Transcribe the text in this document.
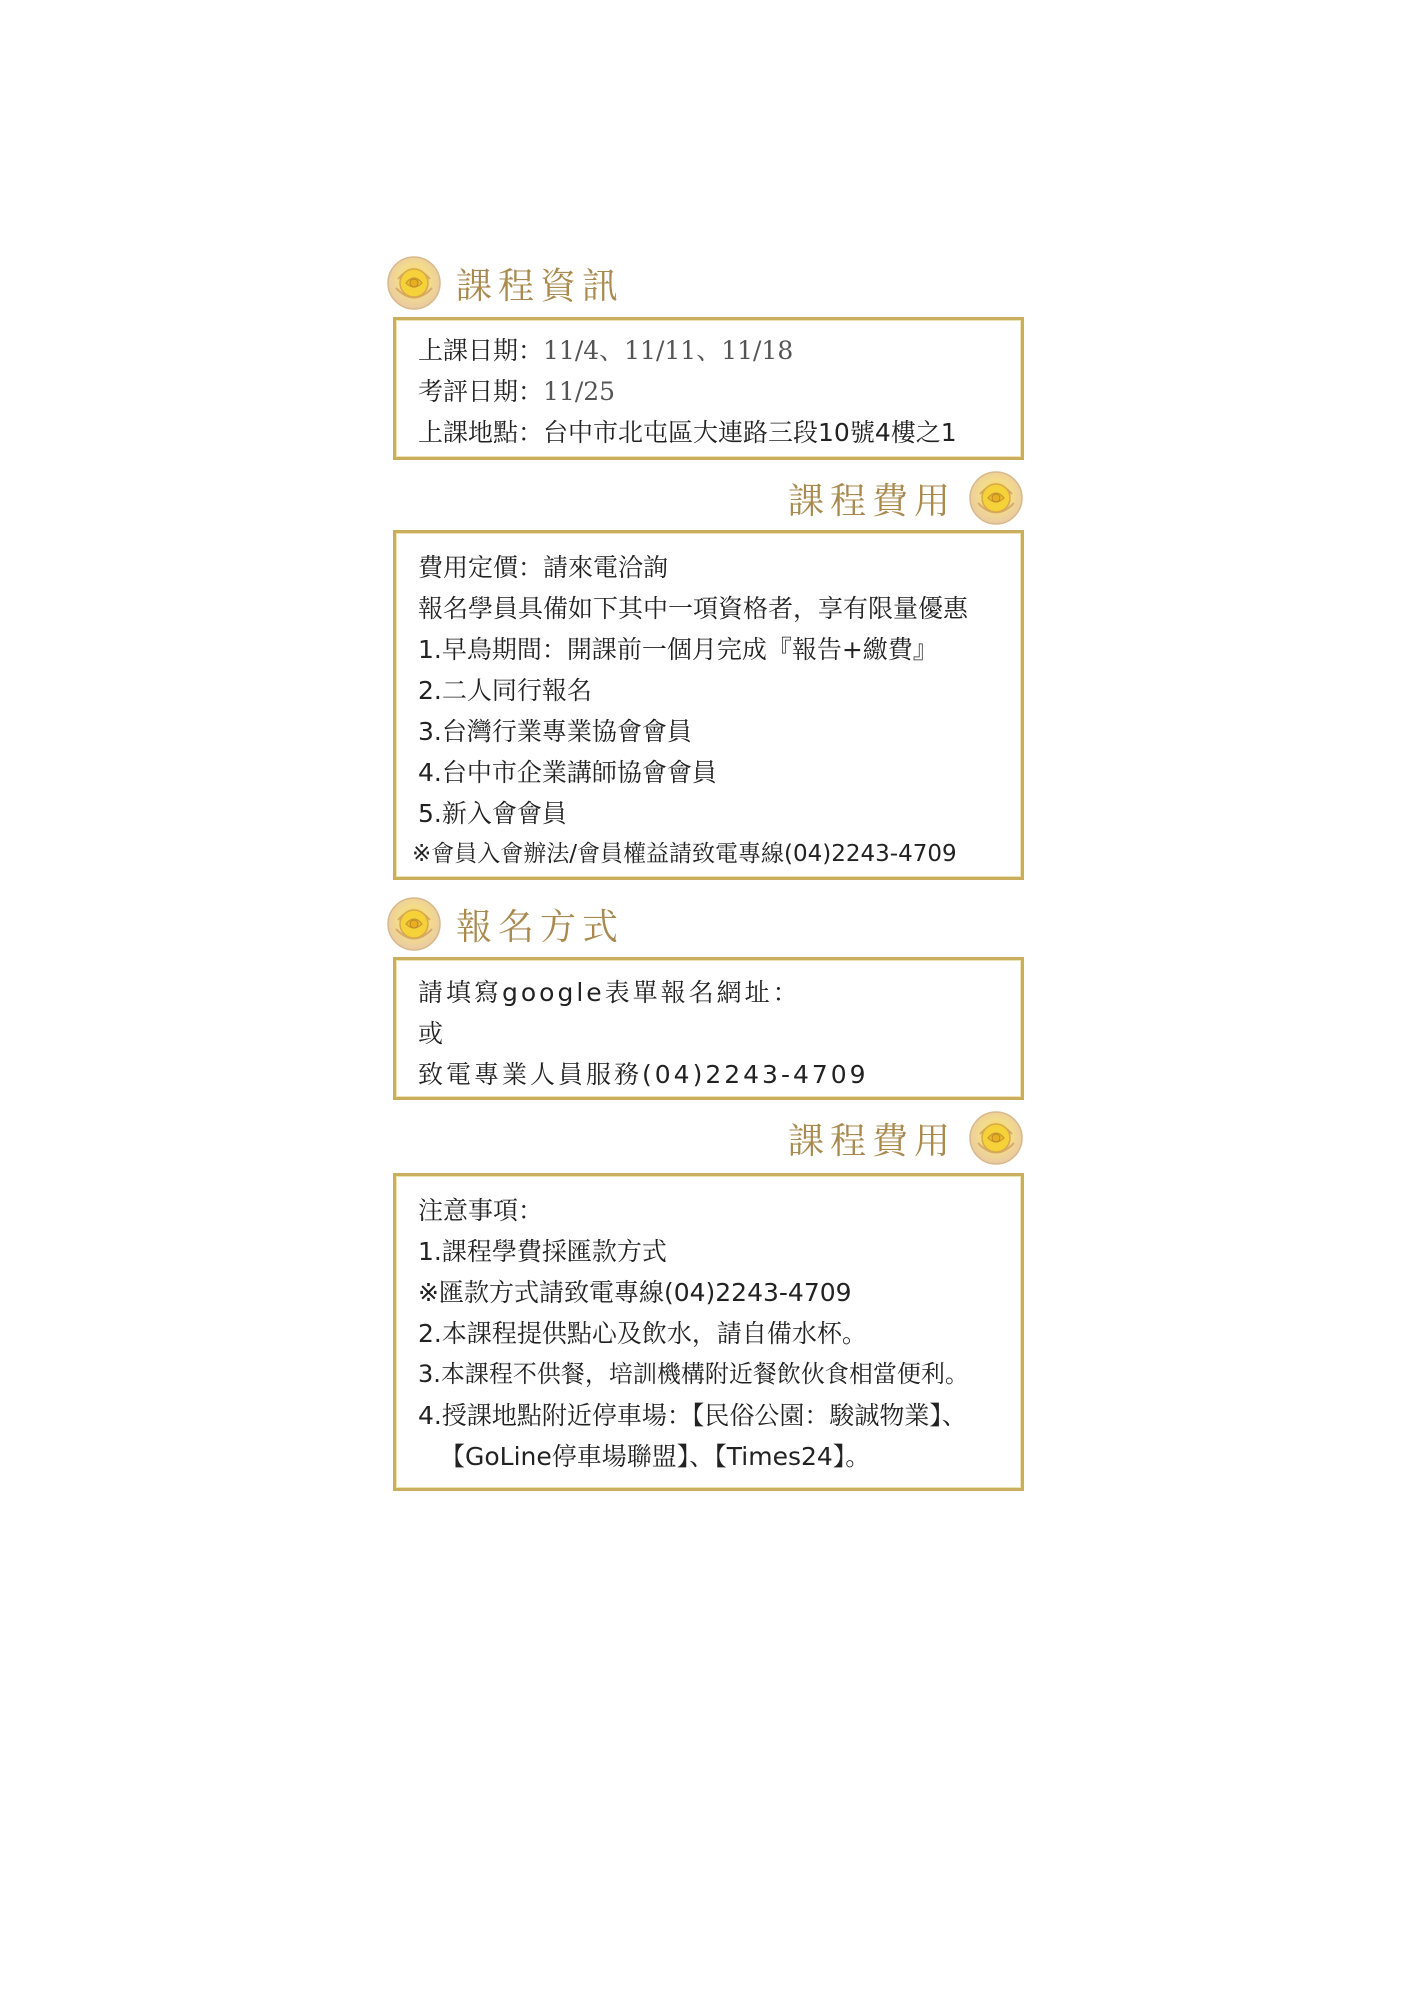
課程資訊
上課日期：11/4、11/11、11/18
考評日期：11/25
上課地點：台中市北屯區大連路三段10號4樓之1
課程費用
費用定價：請來電洽詢
報名學員具備如下其中一項資格者，享有限量優惠
1.早鳥期間：開課前一個月完成『報告+繳費』
2.二人同行報名
3.台灣行業專業協會會員
4.台中市企業講師協會會員
5.新入會會員
※會員入會辦法/會員權益請致電專線(04)2243-4709
報名方式
請填寫google表單報名網址：
或
致電專業人員服務(04)2243-4709
課程費用
注意事項：
1.課程學費採匯款方式
※匯款方式請致電專線(04)2243-4709
2.本課程提供點心及飲水，請自備水杯。
3.本課程不供餐，培訓機構附近餐飲伙食相當便利。
4.授課地點附近停車場：【民俗公園：駿誠物業】、
【GoLine停車場聯盟】、【Times24】。
